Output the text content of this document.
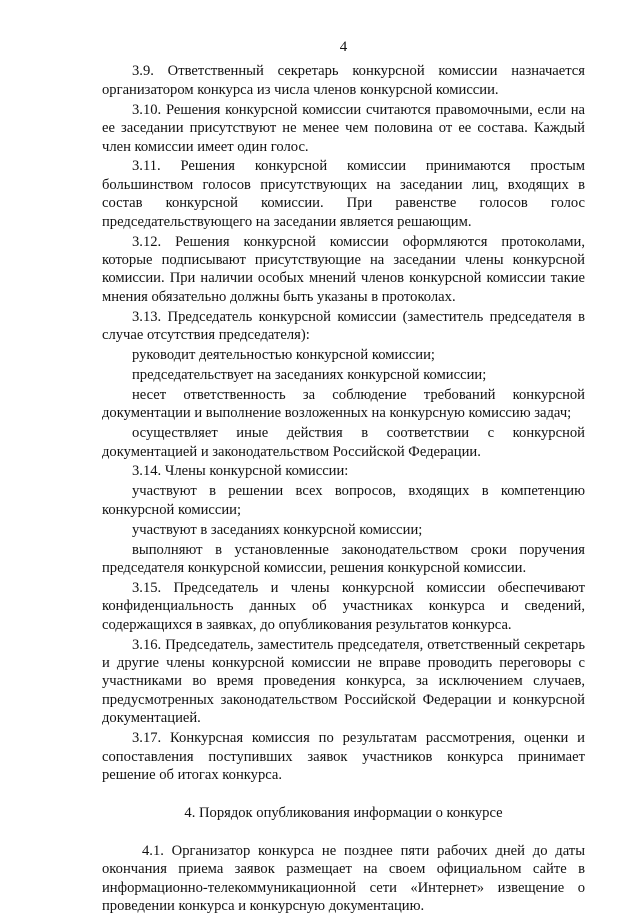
4

3.9. Ответственный секретарь конкурсной комиссии назначается организатором конкурса из числа членов конкурсной комиссии.

3.10. Решения конкурсной комиссии считаются правомочными, если на ее заседании присутствуют не менее чем половина от ее состава. Каждый член комиссии имеет один голос.

3.11. Решения конкурсной комиссии принимаются простым большинством голосов присутствующих на заседании лиц, входящих в состав конкурсной комиссии. При равенстве голосов голос председательствующего на заседании является решающим.

3.12. Решения конкурсной комиссии оформляются протоколами, которые подписывают присутствующие на заседании члены конкурсной комиссии. При наличии особых мнений членов конкурсной комиссии такие мнения обязательно должны быть указаны в протоколах.

3.13. Председатель конкурсной комиссии (заместитель председателя в случае отсутствия председателя):

руководит деятельностью конкурсной комиссии;

председательствует на заседаниях конкурсной комиссии;

несет ответственность за соблюдение требований конкурсной документации и выполнение возложенных на конкурсную комиссию задач;

осуществляет иные действия в соответствии с конкурсной документацией и законодательством Российской Федерации.

3.14. Члены конкурсной комиссии:

участвуют в решении всех вопросов, входящих в компетенцию конкурсной комиссии;

участвуют в заседаниях конкурсной комиссии;

выполняют в установленные законодательством сроки поручения председателя конкурсной комиссии, решения конкурсной комиссии.

3.15. Председатель и члены конкурсной комиссии обеспечивают конфиденциальность данных об участниках конкурса и сведений, содержащихся в заявках, до опубликования результатов конкурса.

3.16. Председатель, заместитель председателя, ответственный секретарь и другие члены конкурсной комиссии не вправе проводить переговоры с участниками во время проведения конкурса, за исключением случаев, предусмотренных законодательством Российской Федерации и конкурсной документацией.

3.17. Конкурсная комиссия по результатам рассмотрения, оценки и сопоставления поступивших заявок участников конкурса принимает решение об итогах конкурса.

4. Порядок опубликования информации о конкурсе

4.1. Организатор конкурса не позднее пяти рабочих дней до даты окончания приема заявок размещает на своем официальном сайте в информационно-телекоммуникационной сети «Интернет» извещение о проведении конкурса и конкурсную документацию.
